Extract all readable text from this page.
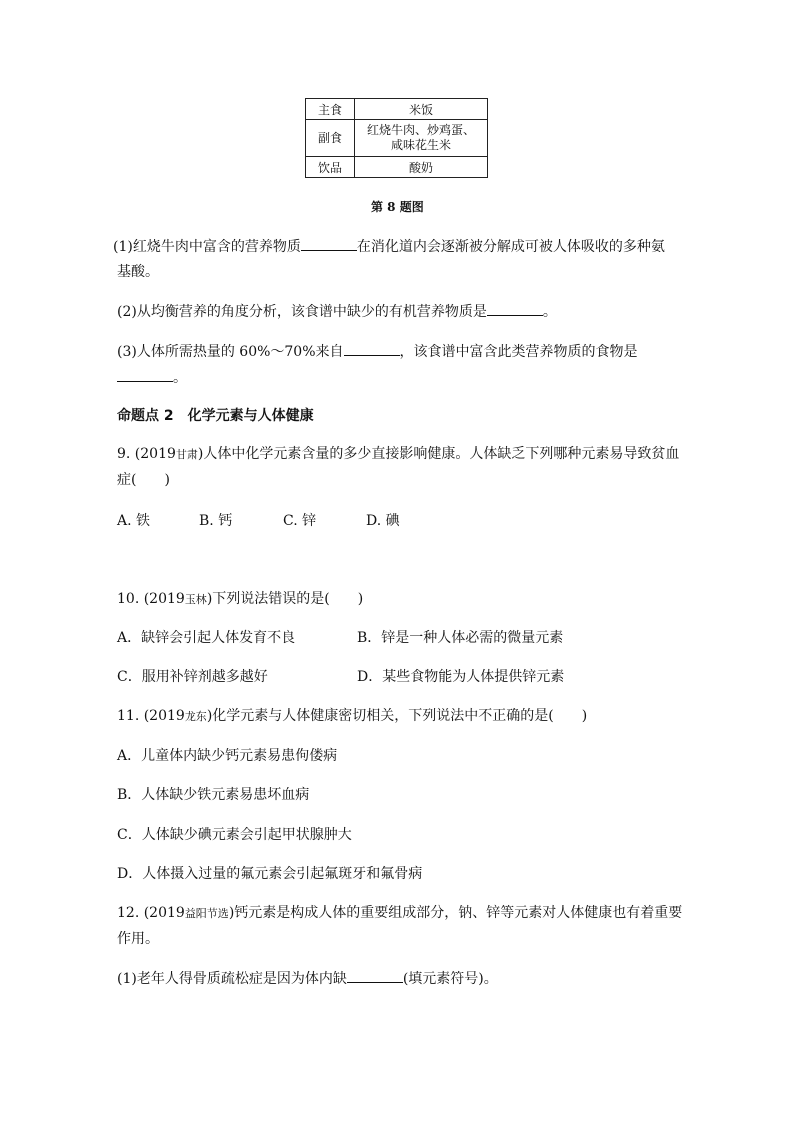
主食	米饭
副食	红烧牛肉、炒鸡蛋、
咸味花生米

饮品	酸奶
第 8 题图
(1)红烧牛肉中富含的营养物质	在消化道内会逐渐被分解成可被人体吸收的多种氨
基酸。
(2)从均衡营养的角度分析，该食谱中缺少的有机营养物质是	。
(3)人体所需热量的 60%～70%来自	，该食谱中富含此类营养物质的食物是
。
命题点 2　化学元素与人体健康
9. (2019甘肃)人体中化学元素含量的多少直接影响健康。人体缺乏下列哪种元素易导致贫血
症(　　)
A. 铁	B. 钙	C. 锌	D. 碘
10. (2019玉林)下列说法错误的是(　　)
A．缺锌会引起人体发育不良	B．锌是一种人体必需的微量元素
C．服用补锌剂越多越好	D．某些食物能为人体提供锌元素
11. (2019龙东)化学元素与人体健康密切相关，下列说法中不正确的是(　　)
A．儿童体内缺少钙元素易患佝偻病
B．人体缺少铁元素易患坏血病
C．人体缺少碘元素会引起甲状腺肿大
D．人体摄入过量的氟元素会引起氟斑牙和氟骨病
12. (2019益阳节选)钙元素是构成人体的重要组成部分，钠、锌等元素对人体健康也有着重要
作用。
(1)老年人得骨质疏松症是因为体内缺	(填元素符号)。
